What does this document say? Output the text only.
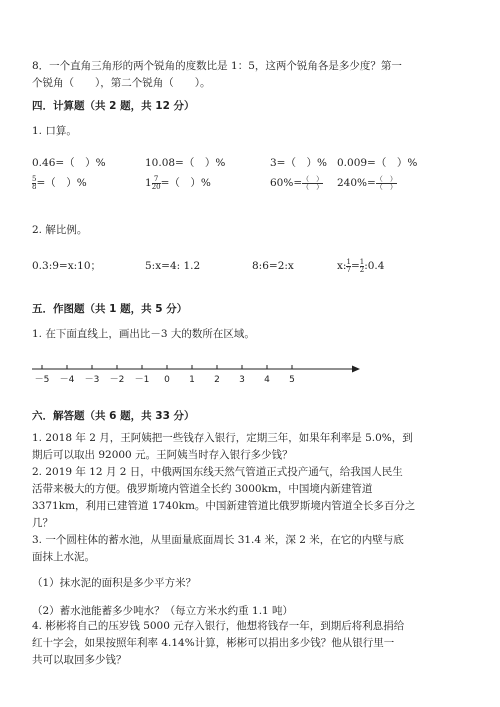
8．一个直角三角形的两个锐角的度数比是 1：5，这两个锐角各是多少度？第一
个锐角（　　），第二个锐角（　　）。
四．计算题（共 2 题，共 12 分）
1. 口算。
0.46=（　）%	10.08=（　）%	3=（　）% 0.009=（　）%
$\frac{5}{8}$ =（　）%	$1 \frac{7}{20}$ =（　）%	$60\%= \frac{( )}{( )} 240\%= \frac{( )}{( )}$
2. 解比例。
0.3:9=x:10；	5:x=4: 1.2	8:6=2:x	x: $\frac{1}{7} = \frac{1}{2}$ :0.4
五．作图题（共 1 题，共 5 分）
1. 在下面直线上，画出比－3 大的数所在区域。
－5 －4 －3 －2 －1 0 1 2 3 4 5
六．解答题（共 6 题，共 33 分）
1. 2018 年 2 月，王阿姨把一些钱存入银行，定期三年，如果年利率是 5.0%，到
期后可以取出 92000 元。王阿姨当时存入银行多少钱？
2. 2019 年 12 月 2 日，中俄两国东线天然气管道正式投产通气，给我国人民生
活带来极大的方便。俄罗斯境内管道全长约 3000km，中国境内新建管道
3371km，利用已建管道 1740km。中国新建管道比俄罗斯境内管道全长多百分之
几？
3. 一个圆柱体的蓄水池，从里面量底面周长 31.4 米，深 2 米，在它的内壁与底
面抹上水泥。
（1）抹水泥的面积是多少平方米？
（2）蓄水池能蓄多少吨水？（每立方米水约重 1.1 吨）
4. 彬彬将自己的压岁钱 5000 元存入银行，他想将钱存一年，到期后将利息捐给
红十字会，如果按照年利率 4.14%计算，彬彬可以捐出多少钱？他从银行里一
共可以取回多少钱？
